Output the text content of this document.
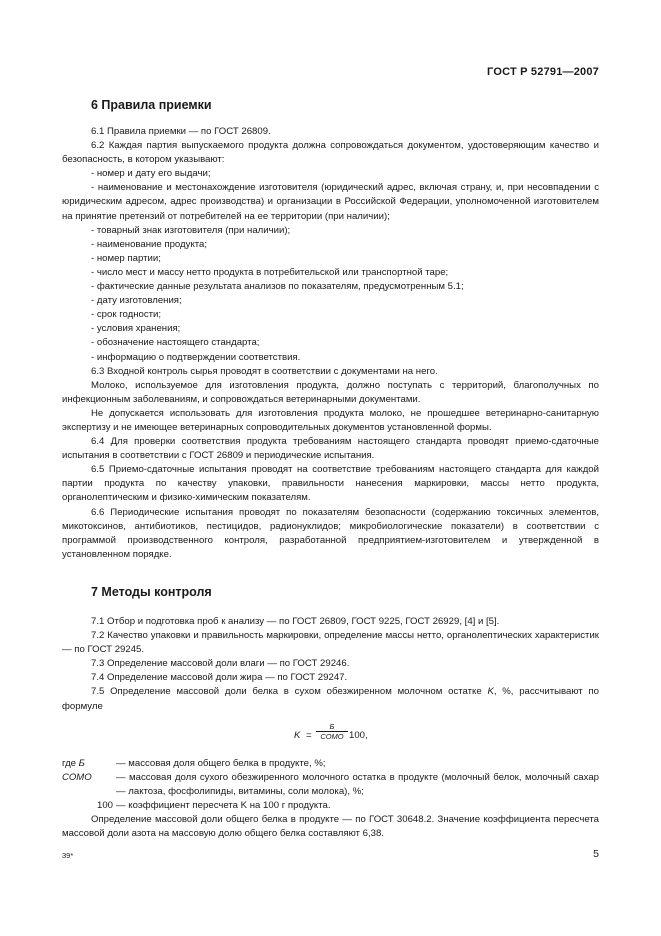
ГОСТ Р 52791—2007
6 Правила приемки

6.1 Правила приемки — по ГОСТ 26809.

6.2 Каждая партия выпускаемого продукта должна сопровождаться документом, удостоверяющим качество и безопасность, в котором указывают:

- номер и дату его выдачи;

- наименование и местонахождение изготовителя (юридический адрес, включая страну, и, при несовпадении с юридическим адресом, адрес производства) и организации в Российской Федерации, уполномоченной изготовителем на принятие претензий от потребителей на ее территории (при наличии);

- товарный знак изготовителя (при наличии);

- наименование продукта;

- номер партии;

- число мест и массу нетто продукта в потребительской или транспортной таре;

- фактические данные результата анализов по показателям, предусмотренным 5.1;

- дату изготовления;

- срок годности;

- условия хранения;

- обозначение настоящего стандарта;

- информацию о подтверждении соответствия.

6.3 Входной контроль сырья проводят в соответствии с документами на него.

Молоко, используемое для изготовления продукта, должно поступать с территорий, благополучных по инфекционным заболеваниям, и сопровождаться ветеринарными документами.

Не допускается использовать для изготовления продукта молоко, не прошедшее ветеринарно-санитарную экспертизу и не имеющее ветеринарных сопроводительных документов установленной формы.

6.4 Для проверки соответствия продукта требованиям настоящего стандарта проводят приемо-сдаточные испытания в соответствии с ГОСТ 26809 и периодические испытания.

6.5 Приемо-сдаточные испытания проводят на соответствие требованиям настоящего стандарта для каждой партии продукта по качеству упаковки, правильности нанесения маркировки, массы нетто продукта, органолептическим и физико-химическим показателям.

6.6 Периодические испытания проводят по показателям безопасности (содержанию токсичных элементов, микотоксинов, антибиотиков, пестицидов, радионуклидов; микробиологические показатели) в соответствии с программой производственного контроля, разработанной предприятием-изготовителем и утвержденной в установленном порядке.

7 Методы контроля

7.1 Отбор и подготовка проб к анализу — по ГОСТ 26809, ГОСТ 9225, ГОСТ 26929, [4] и [5].

7.2 Качество упаковки и правильность маркировки, определение массы нетто, органолептических характеристик — по ГОСТ 29245.

7.3 Определение массовой доли влаги — по ГОСТ 29246.

7.4 Определение массовой доли жира — по ГОСТ 29247.

7.5 Определение массовой доли белка в сухом обезжиренном молочном остатке K, %, рассчитывают по формуле

K =
Б
СОМО 100,
где Б	— массовая доля общего белка в продукте, %;
СОМО	— массовая доля сухого обезжиренного молочного остатка в продукте (молочный белок, молочный сахар — лактоза, фосфолипиды, витамины, соли молока), %;
100 — коэффициент пересчета K на 100 г продукта.

Определение массовой доли общего белка в продукте — по ГОСТ 30648.2. Значение коэффициента пересчета массовой доли азота на массовую долю общего белка составляют 6,38.

39*	5
